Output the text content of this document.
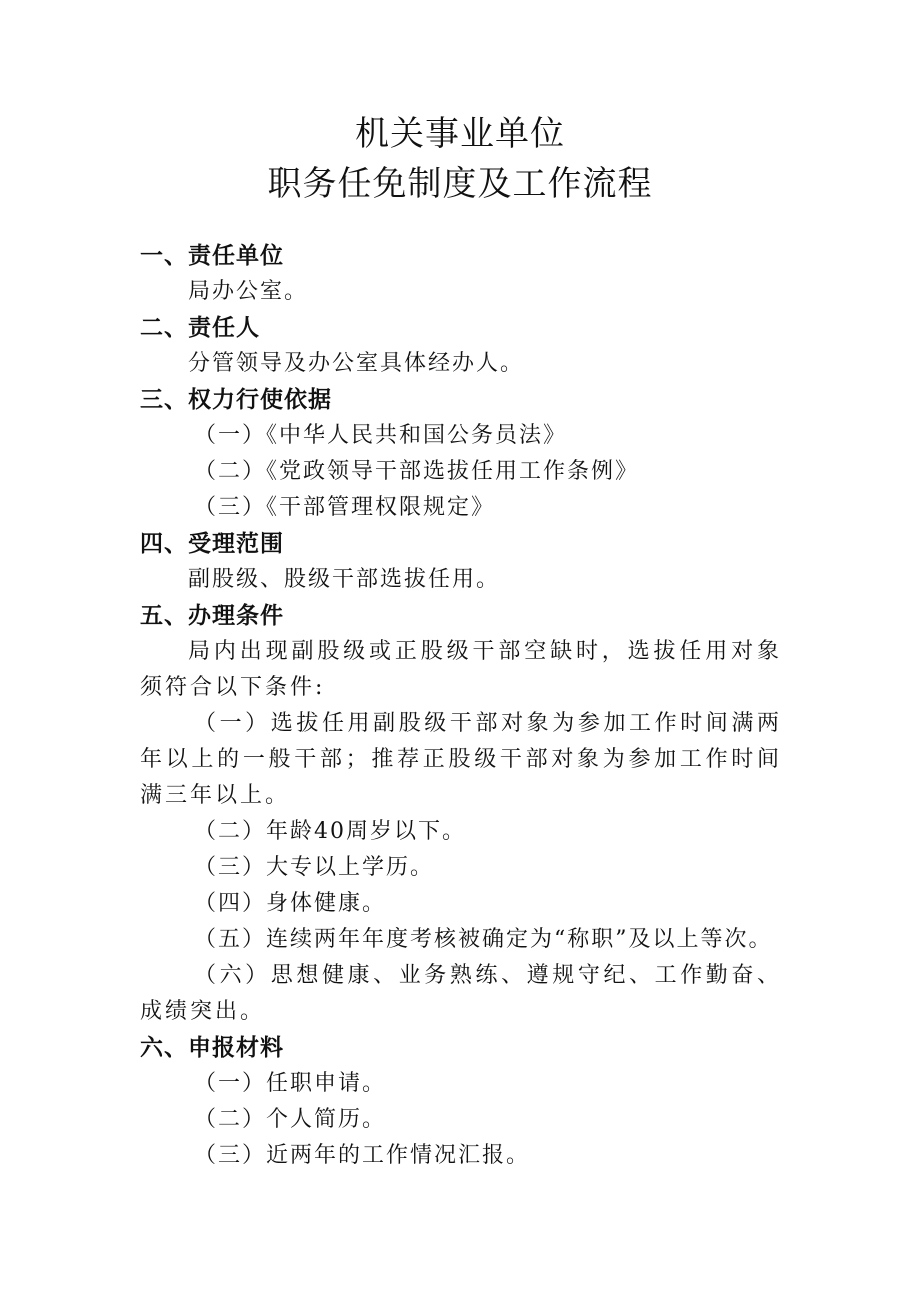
机关事业单位
职务任免制度及工作流程
一、责任单位
局办公室。
二、责任人
分管领导及办公室具体经办人。
三、权力行使依据
（一）《中华人民共和国公务员法》
（二）《党政领导干部选拔任用工作条例》
（三）《干部管理权限规定》
四、受理范围
副股级、股级干部选拔任用。
五、办理条件
局内出现副股级或正股级干部空缺时，选拔任用对象须符合以下条件:
（一）选拔任用副股级干部对象为参加工作时间满两年以上的一般干部；推荐正股级干部对象为参加工作时间满三年以上。
（二）年龄40周岁以下。
（三）大专以上学历。
（四）身体健康。
（五）连续两年年度考核被确定为“称职”及以上等次。
（六）思想健康、业务熟练、遵规守纪、工作勤奋、成绩突出。
六、申报材料
（一）任职申请。
（二）个人简历。
（三）近两年的工作情况汇报。
